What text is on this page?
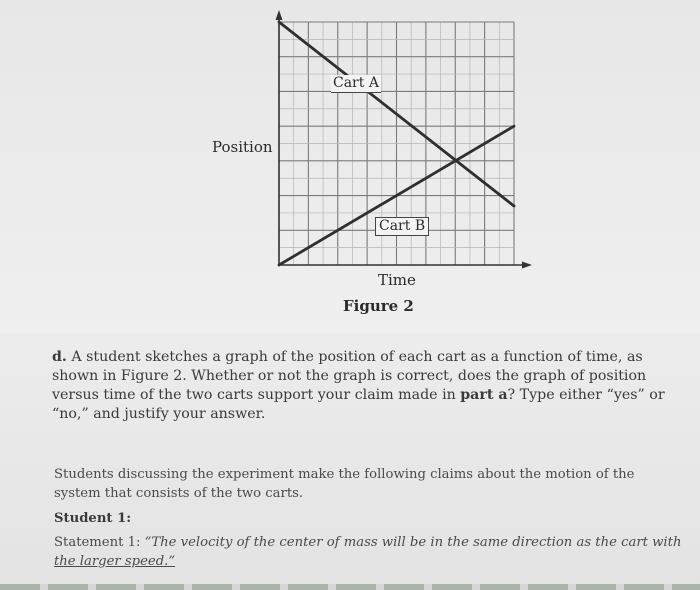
Position
Time
Figure 2
Cart A
Cart B
d. A student sketches a graph of the position of each cart as a function of time, as shown in Figure 2. Whether or not the graph is correct, does the graph of position versus time of the two carts support your claim made in part a? Type either “yes” or “no,” and justify your answer.
Students discussing the experiment make the following claims about the motion of the system that consists of the two carts.
Student 1:
Statement 1: “The velocity of the center of mass will be in the same direction as the cart with the larger speed.”
